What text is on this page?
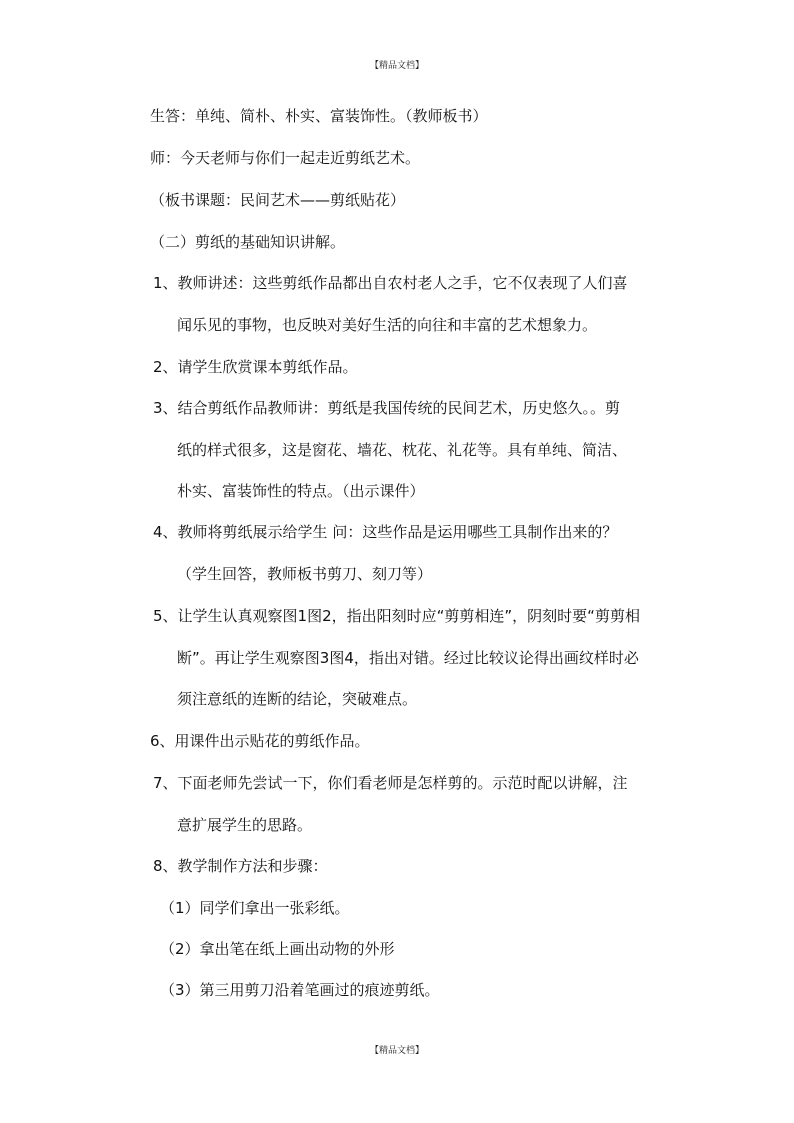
【精品文档】
生答：单纯、简朴、朴实、富装饰性。（教师板书）
师：今天老师与你们一起走近剪纸艺术。
（板书课题：民间艺术——剪纸贴花）
（二）剪纸的基础知识讲解。
1、教师讲述：这些剪纸作品都出自农村老人之手，它不仅表现了人们喜
闻乐见的事物，也反映对美好生活的向往和丰富的艺术想象力。
2、请学生欣赏课本剪纸作品。
3、结合剪纸作品教师讲：剪纸是我国传统的民间艺术，历史悠久。。剪
纸的样式很多，这是窗花、墙花、枕花、礼花等。具有单纯、简洁、
朴实、富装饰性的特点。（出示课件）
4、教师将剪纸展示给学生 问：这些作品是运用哪些工具制作出来的？
（学生回答，教师板书剪刀、刻刀等）
5、让学生认真观察图1图2，指出阳刻时应“剪剪相连”，阴刻时要“剪剪相
断”。再让学生观察图3图4，指出对错。经过比较议论得出画纹样时必
须注意纸的连断的结论，突破难点。
6、用课件出示贴花的剪纸作品。
7、下面老师先尝试一下，你们看老师是怎样剪的。示范时配以讲解，注
意扩展学生的思路。
8、教学制作方法和步骤：
（1）同学们拿出一张彩纸。
（2）拿出笔在纸上画出动物的外形
（3）第三用剪刀沿着笔画过的痕迹剪纸。
【精品文档】
